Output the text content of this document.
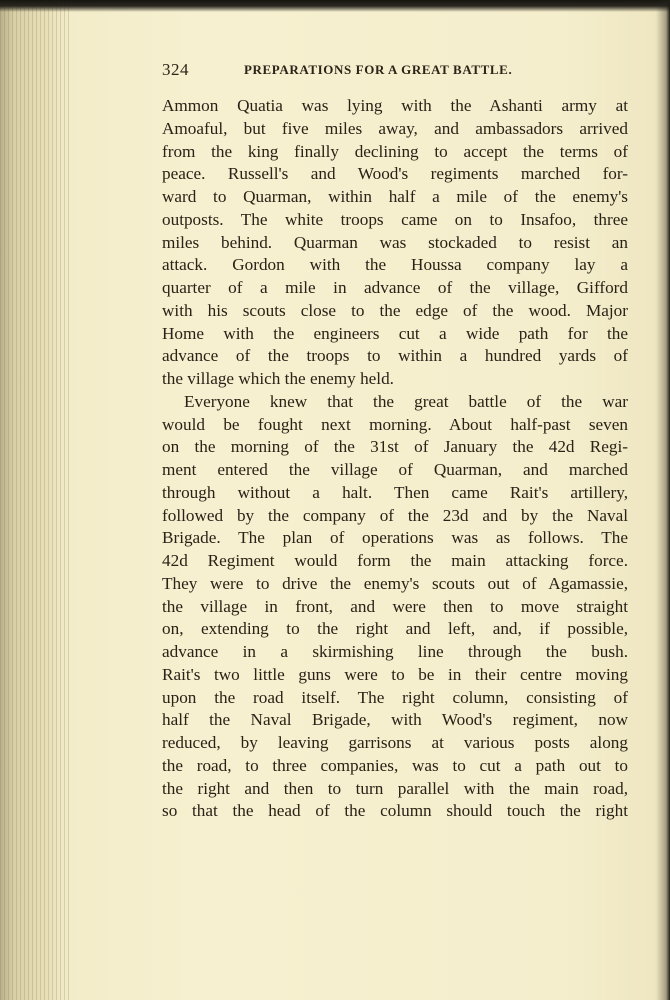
324	PREPARATIONS FOR A GREAT BATTLE.
Ammon Quatia was lying with the Ashanti army at
Amoaful, but five miles away, and ambassadors arrived
from the king finally declining to accept the terms of
peace. Russell's and Wood's regiments marched for-
ward to Quarman, within half a mile of the enemy's
outposts. The white troops came on to Insafoo, three
miles behind. Quarman was stockaded to resist an
attack. Gordon with the Houssa company lay a
quarter of a mile in advance of the village, Gifford
with his scouts close to the edge of the wood. Major
Home with the engineers cut a wide path for the
advance of the troops to within a hundred yards of
the village which the enemy held.
Everyone knew that the great battle of the war
would be fought next morning. About half-past seven
on the morning of the 31st of January the 42d Regi-
ment entered the village of Quarman, and marched
through without a halt. Then came Rait's artillery,
followed by the company of the 23d and by the Naval
Brigade. The plan of operations was as follows. The
42d Regiment would form the main attacking force.
They were to drive the enemy's scouts out of Agamassie,
the village in front, and were then to move straight
on, extending to the right and left, and, if possible,
advance in a skirmishing line through the bush.
Rait's two little guns were to be in their centre moving
upon the road itself. The right column, consisting of
half the Naval Brigade, with Wood's regiment, now
reduced, by leaving garrisons at various posts along
the road, to three companies, was to cut a path out to
the right and then to turn parallel with the main road,
so that the head of the column should touch the right
